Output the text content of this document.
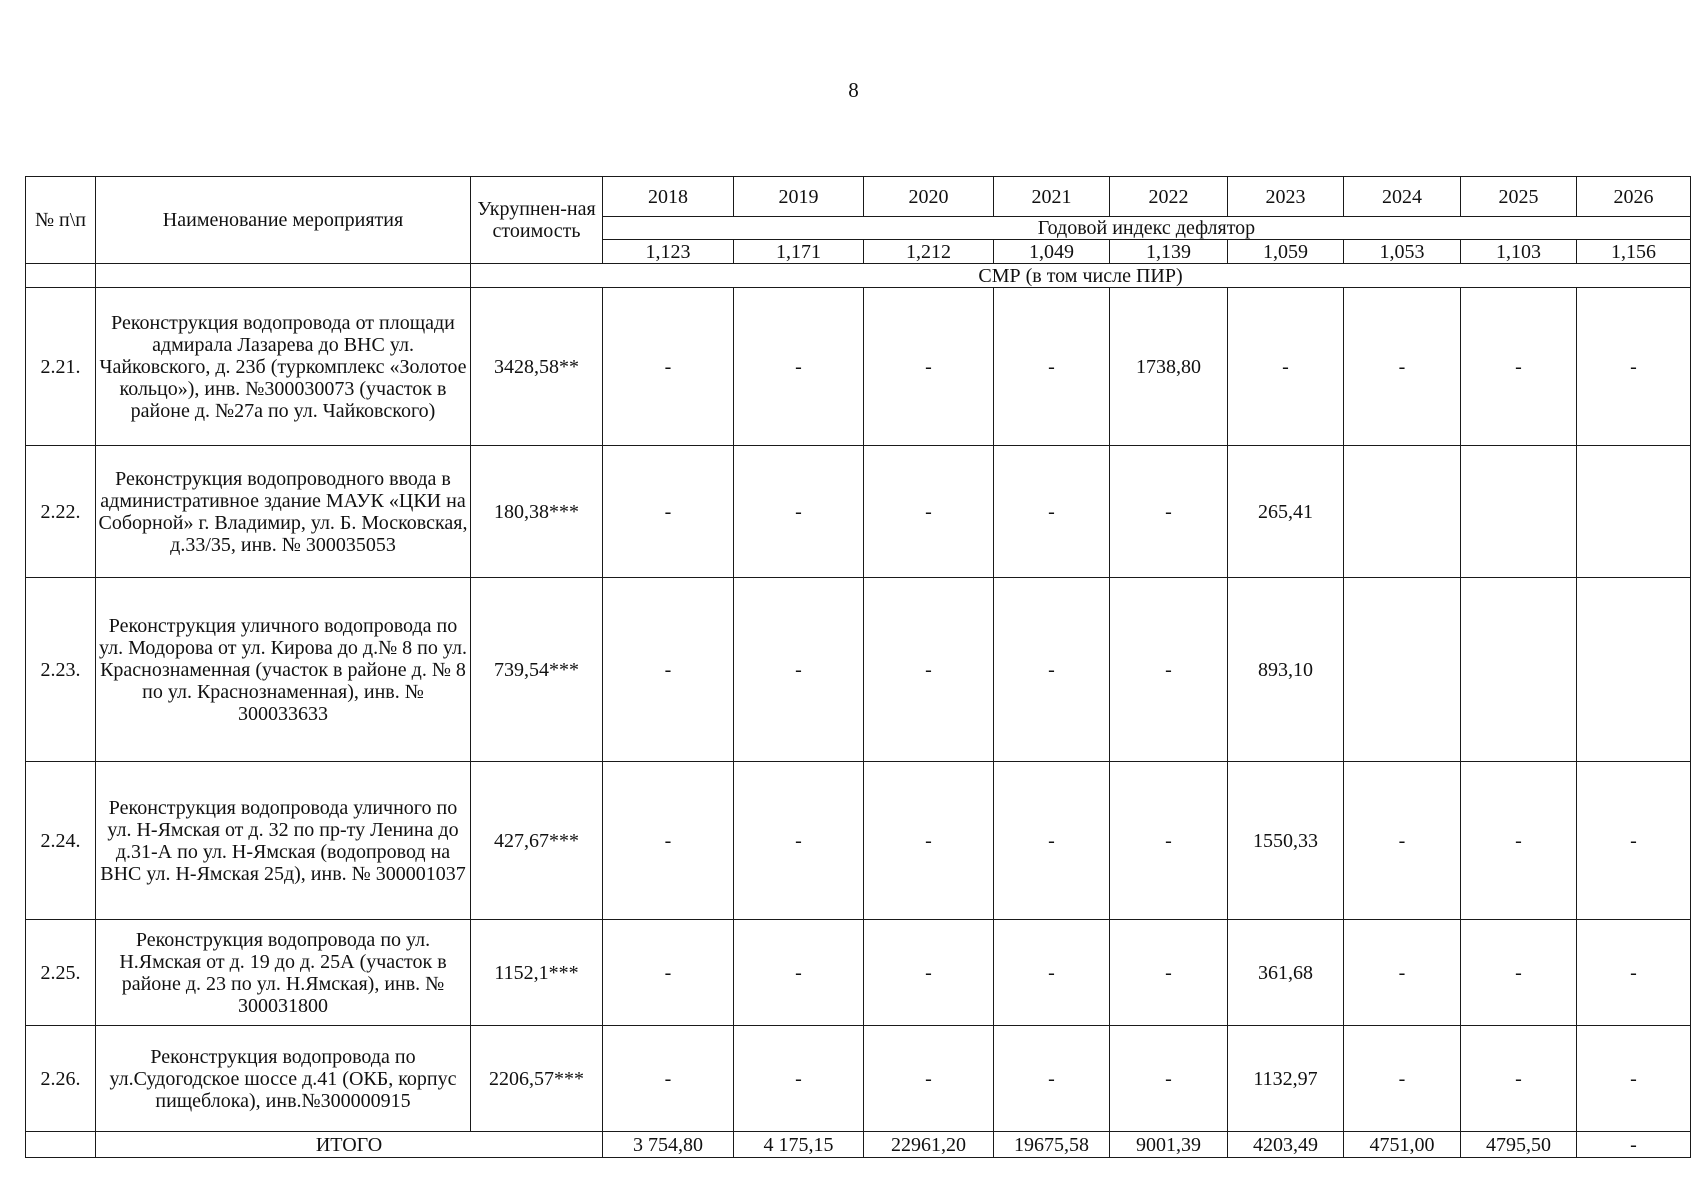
8
№ п\п	Наименование мероприятия	Укрупнен-ная стоимость	2018	2019	2020	2021	2022	2023	2024	2025	2026
			Годовой индекс дефлятор								
			1,123	1,171	1,212	1,049	1,139	1,059	1,053	1,103	1,156
		СМР (в том числе ПИР)									
2.21.	Реконструкция водопровода от площади адмирала Лазарева до ВНС ул. Чайковского, д. 23б (туркомплекс «Золотое кольцо»), инв. №300030073 (участок в районе д. №27а по ул. Чайковского)	3428,58**	-	-	-	-	1738,80	-	-	-	-
2.22.	Реконструкция водопроводного ввода в административное здание МАУК «ЦКИ на Соборной» г. Владимир, ул. Б. Московская, д.33/35, инв. № 300035053	180,38***	-	-	-	-	-	265,41			
2.23.	Реконструкция уличного водопровода по ул. Модорова от ул. Кирова до д.№ 8 по ул. Краснознаменная (участок в районе д. № 8 по ул. Краснознаменная), инв. № 300033633	739,54***	-	-	-	-	-	893,10			
2.24.	Реконструкция водопровода уличного по ул. Н-Ямская от д. 32 по пр-ту Ленина до д.31-А по ул. Н-Ямская (водопровод на ВНС ул. Н-Ямская 25д), инв. № 300001037	427,67***	-	-	-	-	-	1550,33	-	-	-
2.25.	Реконструкция водопровода по ул. Н.Ямская от д. 19 до д. 25А (участок в районе д. 23 по ул. Н.Ямская), инв. № 300031800	1152,1***	-	-	-	-	-	361,68	-	-	-
2.26.	Реконструкция водопровода по ул.Судогодское шоссе д.41 (ОКБ, корпус пищеблока), инв.№300000915	2206,57***	-	-	-	-	-	1132,97	-	-	-
	ИТОГО		3 754,80	4 175,15	22961,20	19675,58	9001,39	4203,49	4751,00	4795,50	-
